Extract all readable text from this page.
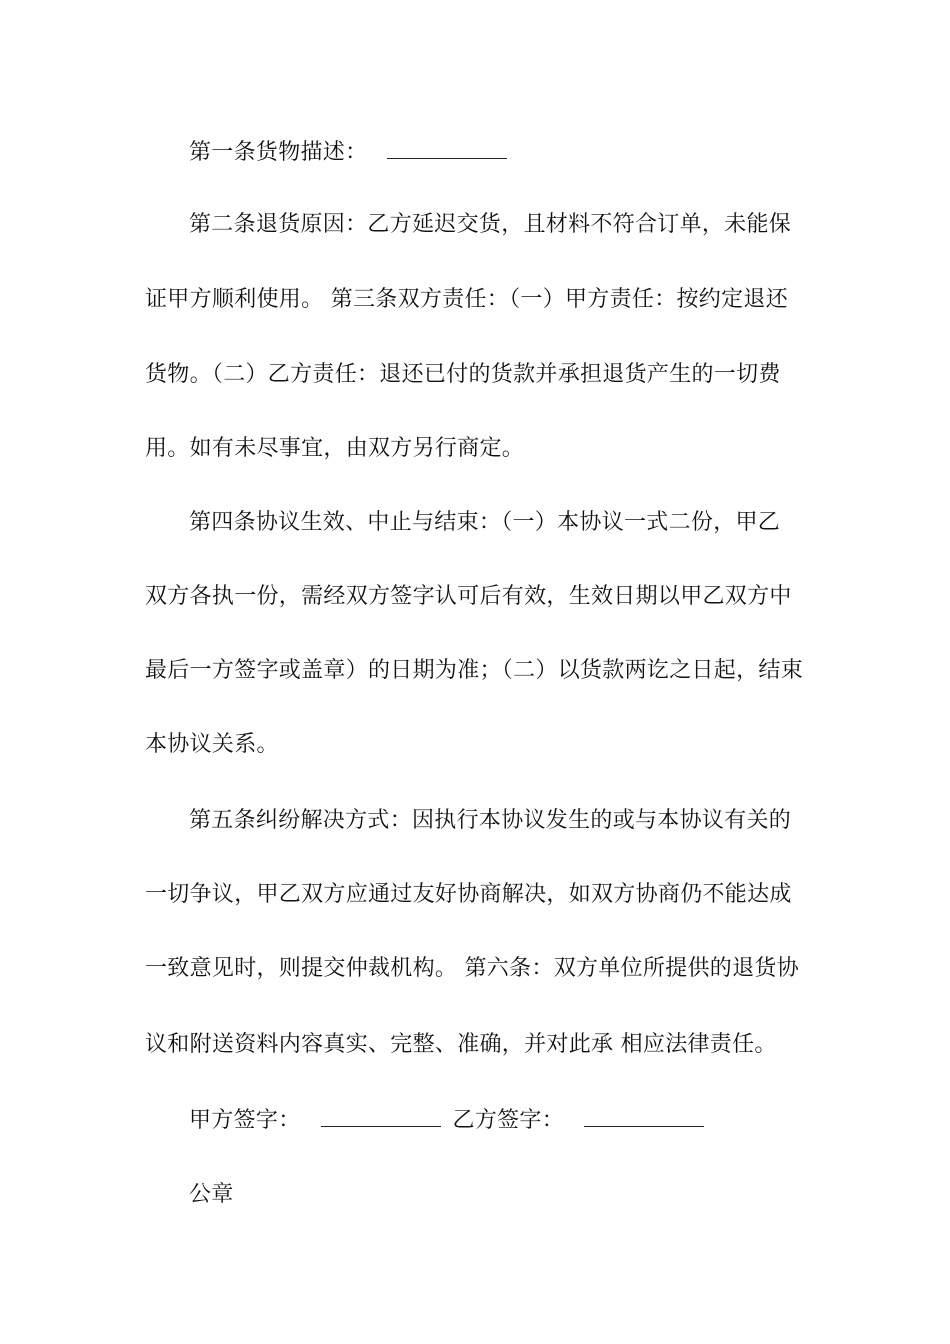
第一条货物描述：
第二条退货原因：乙方延迟交货，且材料不符合订单，未能保
证甲方顺利使用。 第三条双方责任：（一）甲方责任：按约定退还
货物。（二）乙方责任：退还已付的货款并承担退货产生的一切费
用。如有未尽事宜，由双方另行商定。
第四条协议生效、中止与结束：（一）本协议一式二份，甲乙
双方各执一份，需经双方签字认可后有效，生效日期以甲乙双方中
最后一方签字或盖章）的日期为准；（二）以货款两讫之日起，结束
本协议关系。
第五条纠纷解决方式：因执行本协议发生的或与本协议有关的
一切争议，甲乙双方应通过友好协商解决，如双方协商仍不能达成
一致意见时，则提交仲裁机构。 第六条：双方单位所提供的退货协
议和附送资料内容真实、完整、准确，并对此承 相应法律责任。
甲方签字：	乙方签字：
公章
